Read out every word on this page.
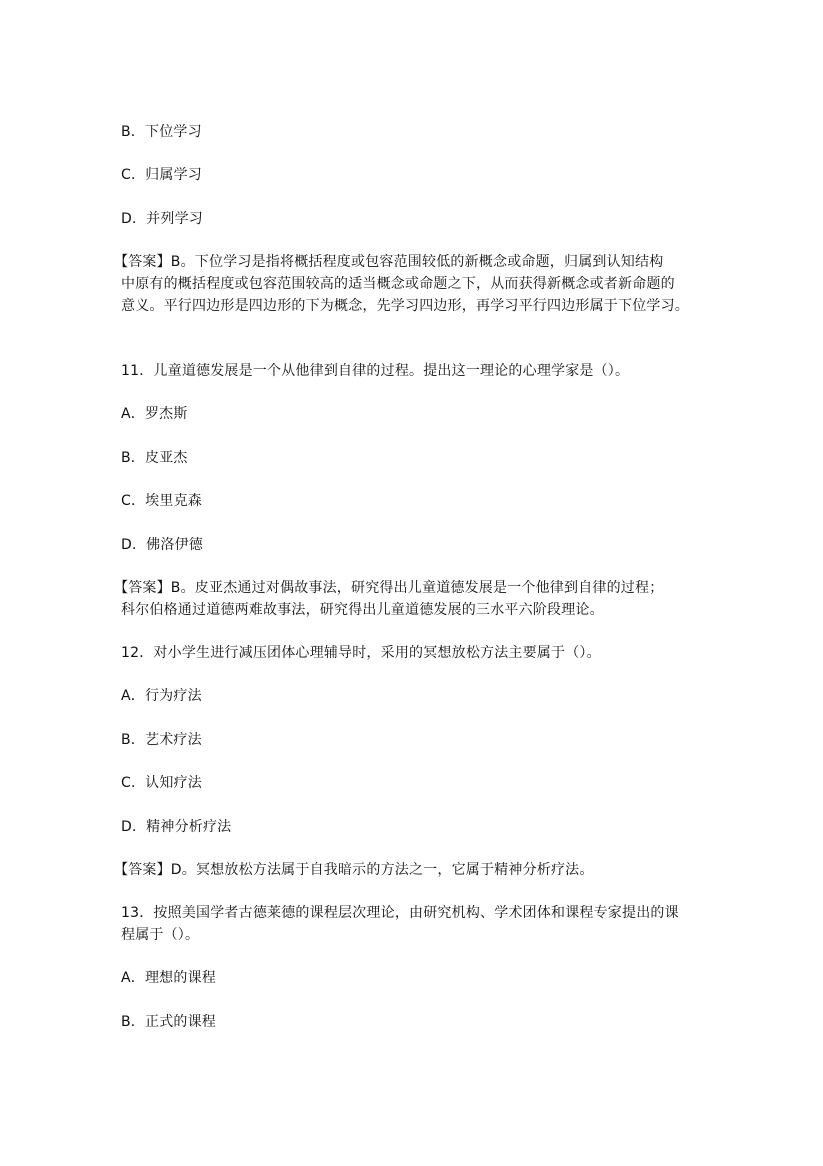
B．下位学习
C．归属学习
D．并列学习
【答案】B。下位学习是指将概括程度或包容范围较低的新概念或命题，归属到认知结构
中原有的概括程度或包容范围较高的适当概念或命题之下，从而获得新概念或者新命题的
意义。平行四边形是四边形的下为概念，先学习四边形，再学习平行四边形属于下位学习。
11．儿童道德发展是一个从他律到自律的过程。提出这一理论的心理学家是（）。
A．罗杰斯
B．皮亚杰
C．埃里克森
D．佛洛伊德
【答案】B。皮亚杰通过对偶故事法，研究得出儿童道德发展是一个他律到自律的过程；
科尔伯格通过道德两难故事法，研究得出儿童道德发展的三水平六阶段理论。
12．对小学生进行减压团体心理辅导时，采用的冥想放松方法主要属于（）。
A．行为疗法
B．艺术疗法
C．认知疗法
D．精神分析疗法
【答案】D。冥想放松方法属于自我暗示的方法之一，它属于精神分析疗法。
13．按照美国学者古德莱德的课程层次理论，由研究机构、学术团体和课程专家提出的课
程属于（）。
A．理想的课程
B．正式的课程
